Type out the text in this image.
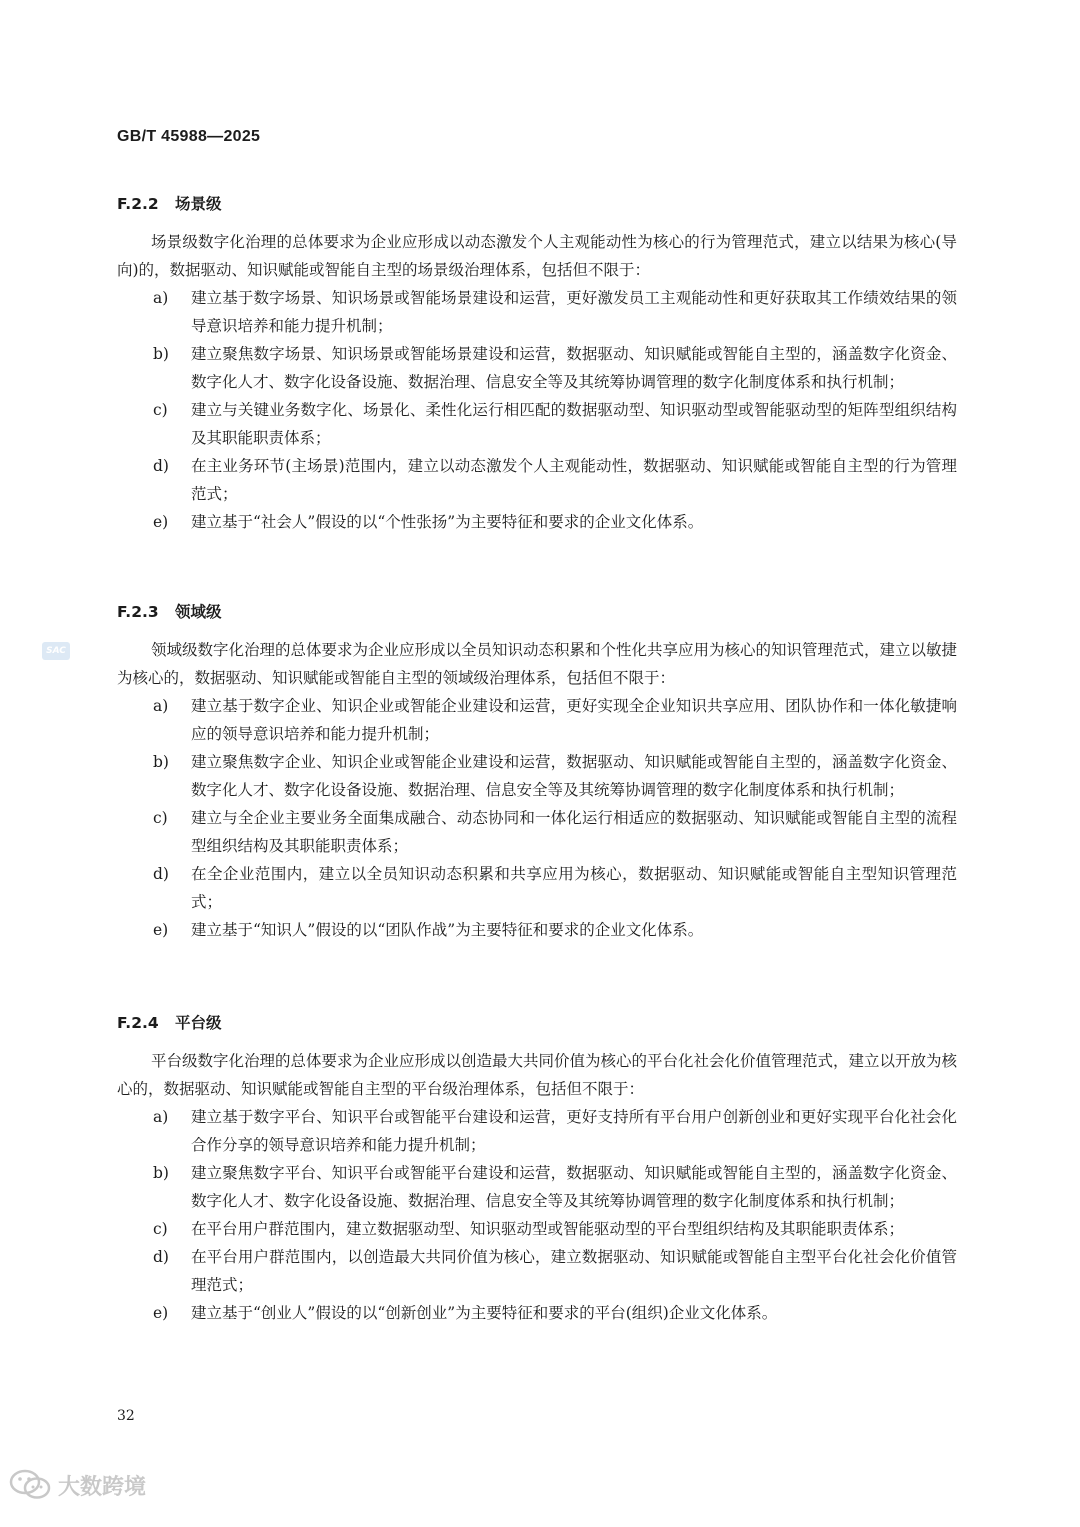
GB/T 45988—2025
F.2.2 场景级

场景级数字化治理的总体要求为企业应形成以动态激发个人主观能动性为核心的行为管理范式，建立以结果为核心(导向)的，数据驱动、知识赋能或智能自主型的场景级治理体系，包括但不限于：

a) 建立基于数字场景、知识场景或智能场景建设和运营，更好激发员工主观能动性和更好获取其工作绩效结果的领导意识培养和能力提升机制；
b) 建立聚焦数字场景、知识场景或智能场景建设和运营，数据驱动、知识赋能或智能自主型的，涵盖数字化资金、数字化人才、数字化设备设施、数据治理、信息安全等及其统筹协调管理的数字化制度体系和执行机制；
c) 建立与关键业务数字化、场景化、柔性化运行相匹配的数据驱动型、知识驱动型或智能驱动型的矩阵型组织结构及其职能职责体系；
d) 在主业务环节(主场景)范围内，建立以动态激发个人主观能动性，数据驱动、知识赋能或智能自主型的行为管理范式；
e) 建立基于“社会人”假设的以“个性张扬”为主要特征和要求的企业文化体系。
F.2.3 领域级

领域级数字化治理的总体要求为企业应形成以全员知识动态积累和个性化共享应用为核心的知识管理范式，建立以敏捷为核心的，数据驱动、知识赋能或智能自主型的领域级治理体系，包括但不限于：

a) 建立基于数字企业、知识企业或智能企业建设和运营，更好实现全企业知识共享应用、团队协作和一体化敏捷响应的领导意识培养和能力提升机制；
b) 建立聚焦数字企业、知识企业或智能企业建设和运营，数据驱动、知识赋能或智能自主型的，涵盖数字化资金、数字化人才、数字化设备设施、数据治理、信息安全等及其统筹协调管理的数字化制度体系和执行机制；
c) 建立与全企业主要业务全面集成融合、动态协同和一体化运行相适应的数据驱动、知识赋能或智能自主型的流程型组织结构及其职能职责体系；
d) 在全企业范围内，建立以全员知识动态积累和共享应用为核心，数据驱动、知识赋能或智能自主型知识管理范式；
e) 建立基于“知识人”假设的以“团队作战”为主要特征和要求的企业文化体系。
F.2.4 平台级

平台级数字化治理的总体要求为企业应形成以创造最大共同价值为核心的平台化社会化价值管理范式，建立以开放为核心的，数据驱动、知识赋能或智能自主型的平台级治理体系，包括但不限于：

a) 建立基于数字平台、知识平台或智能平台建设和运营，更好支持所有平台用户创新创业和更好实现平台化社会化合作分享的领导意识培养和能力提升机制；
b) 建立聚焦数字平台、知识平台或智能平台建设和运营，数据驱动、知识赋能或智能自主型的，涵盖数字化资金、数字化人才、数字化设备设施、数据治理、信息安全等及其统筹协调管理的数字化制度体系和执行机制；
c) 在平台用户群范围内，建立数据驱动型、知识驱动型或智能驱动型的平台型组织结构及其职能职责体系；
d) 在平台用户群范围内，以创造最大共同价值为核心，建立数据驱动、知识赋能或智能自主型平台化社会化价值管理范式；
e) 建立基于“创业人”假设的以“创新创业”为主要特征和要求的平台(组织)企业文化体系。
32
SAC
大数跨境
